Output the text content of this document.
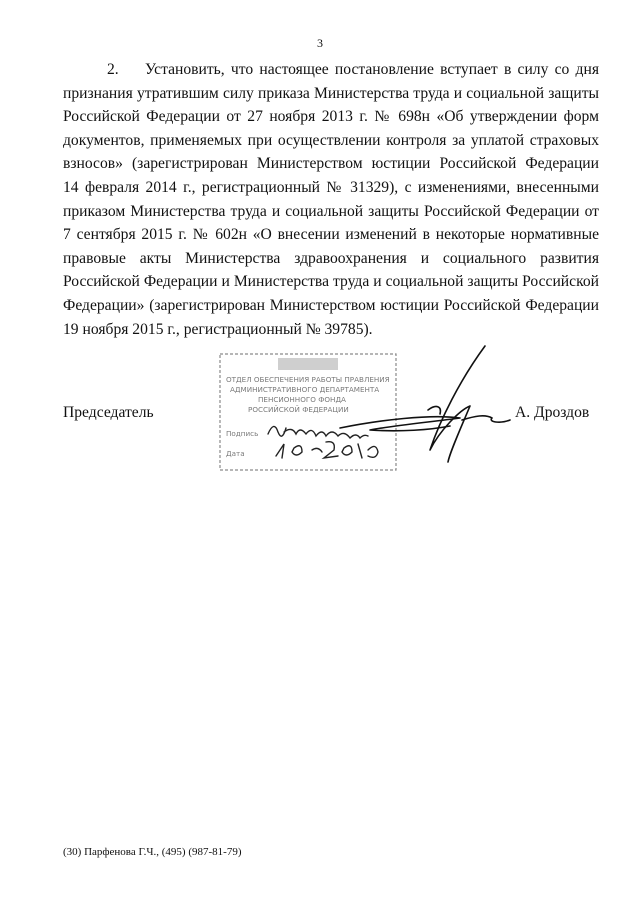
3
2. Установить, что настоящее постановление вступает в силу со дня
признания утратившим силу приказа Министерства труда и социальной защиты
Российской Федерации от 27 ноября 2013 г. № 698н «Об утверждении форм
документов, применяемых при осуществлении контроля за уплатой страховых
взносов» (зарегистрирован Министерством юстиции Российской Федерации
14 февраля 2014 г., регистрационный № 31329), с изменениями, внесенными
приказом Министерства труда и социальной защиты Российской Федерации от
7 сентября 2015 г. № 602н «О внесении изменений в некоторые нормативные
правовые акты Министерства здравоохранения и социального развития
Российской Федерации и Министерства труда и социальной защиты Российской
Федерации» (зарегистрирован Министерством юстиции Российской Федерации
19 ноября 2015 г., регистрационный № 39785).
ОТДЕЛ ОБЕСПЕЧЕНИЯ РАБОТЫ ПРАВЛЕНИЯ
АДМИНИСТРАТИВНОГО ДЕПАРТАМЕНТА
ПЕНСИОННОГО ФОНДА
РОССИЙСКОЙ ФЕДЕРАЦИИ
Подпись
Дата
Председатель	А. Дроздов
(30) Парфенова Г.Ч., (495) (987-81-79)
